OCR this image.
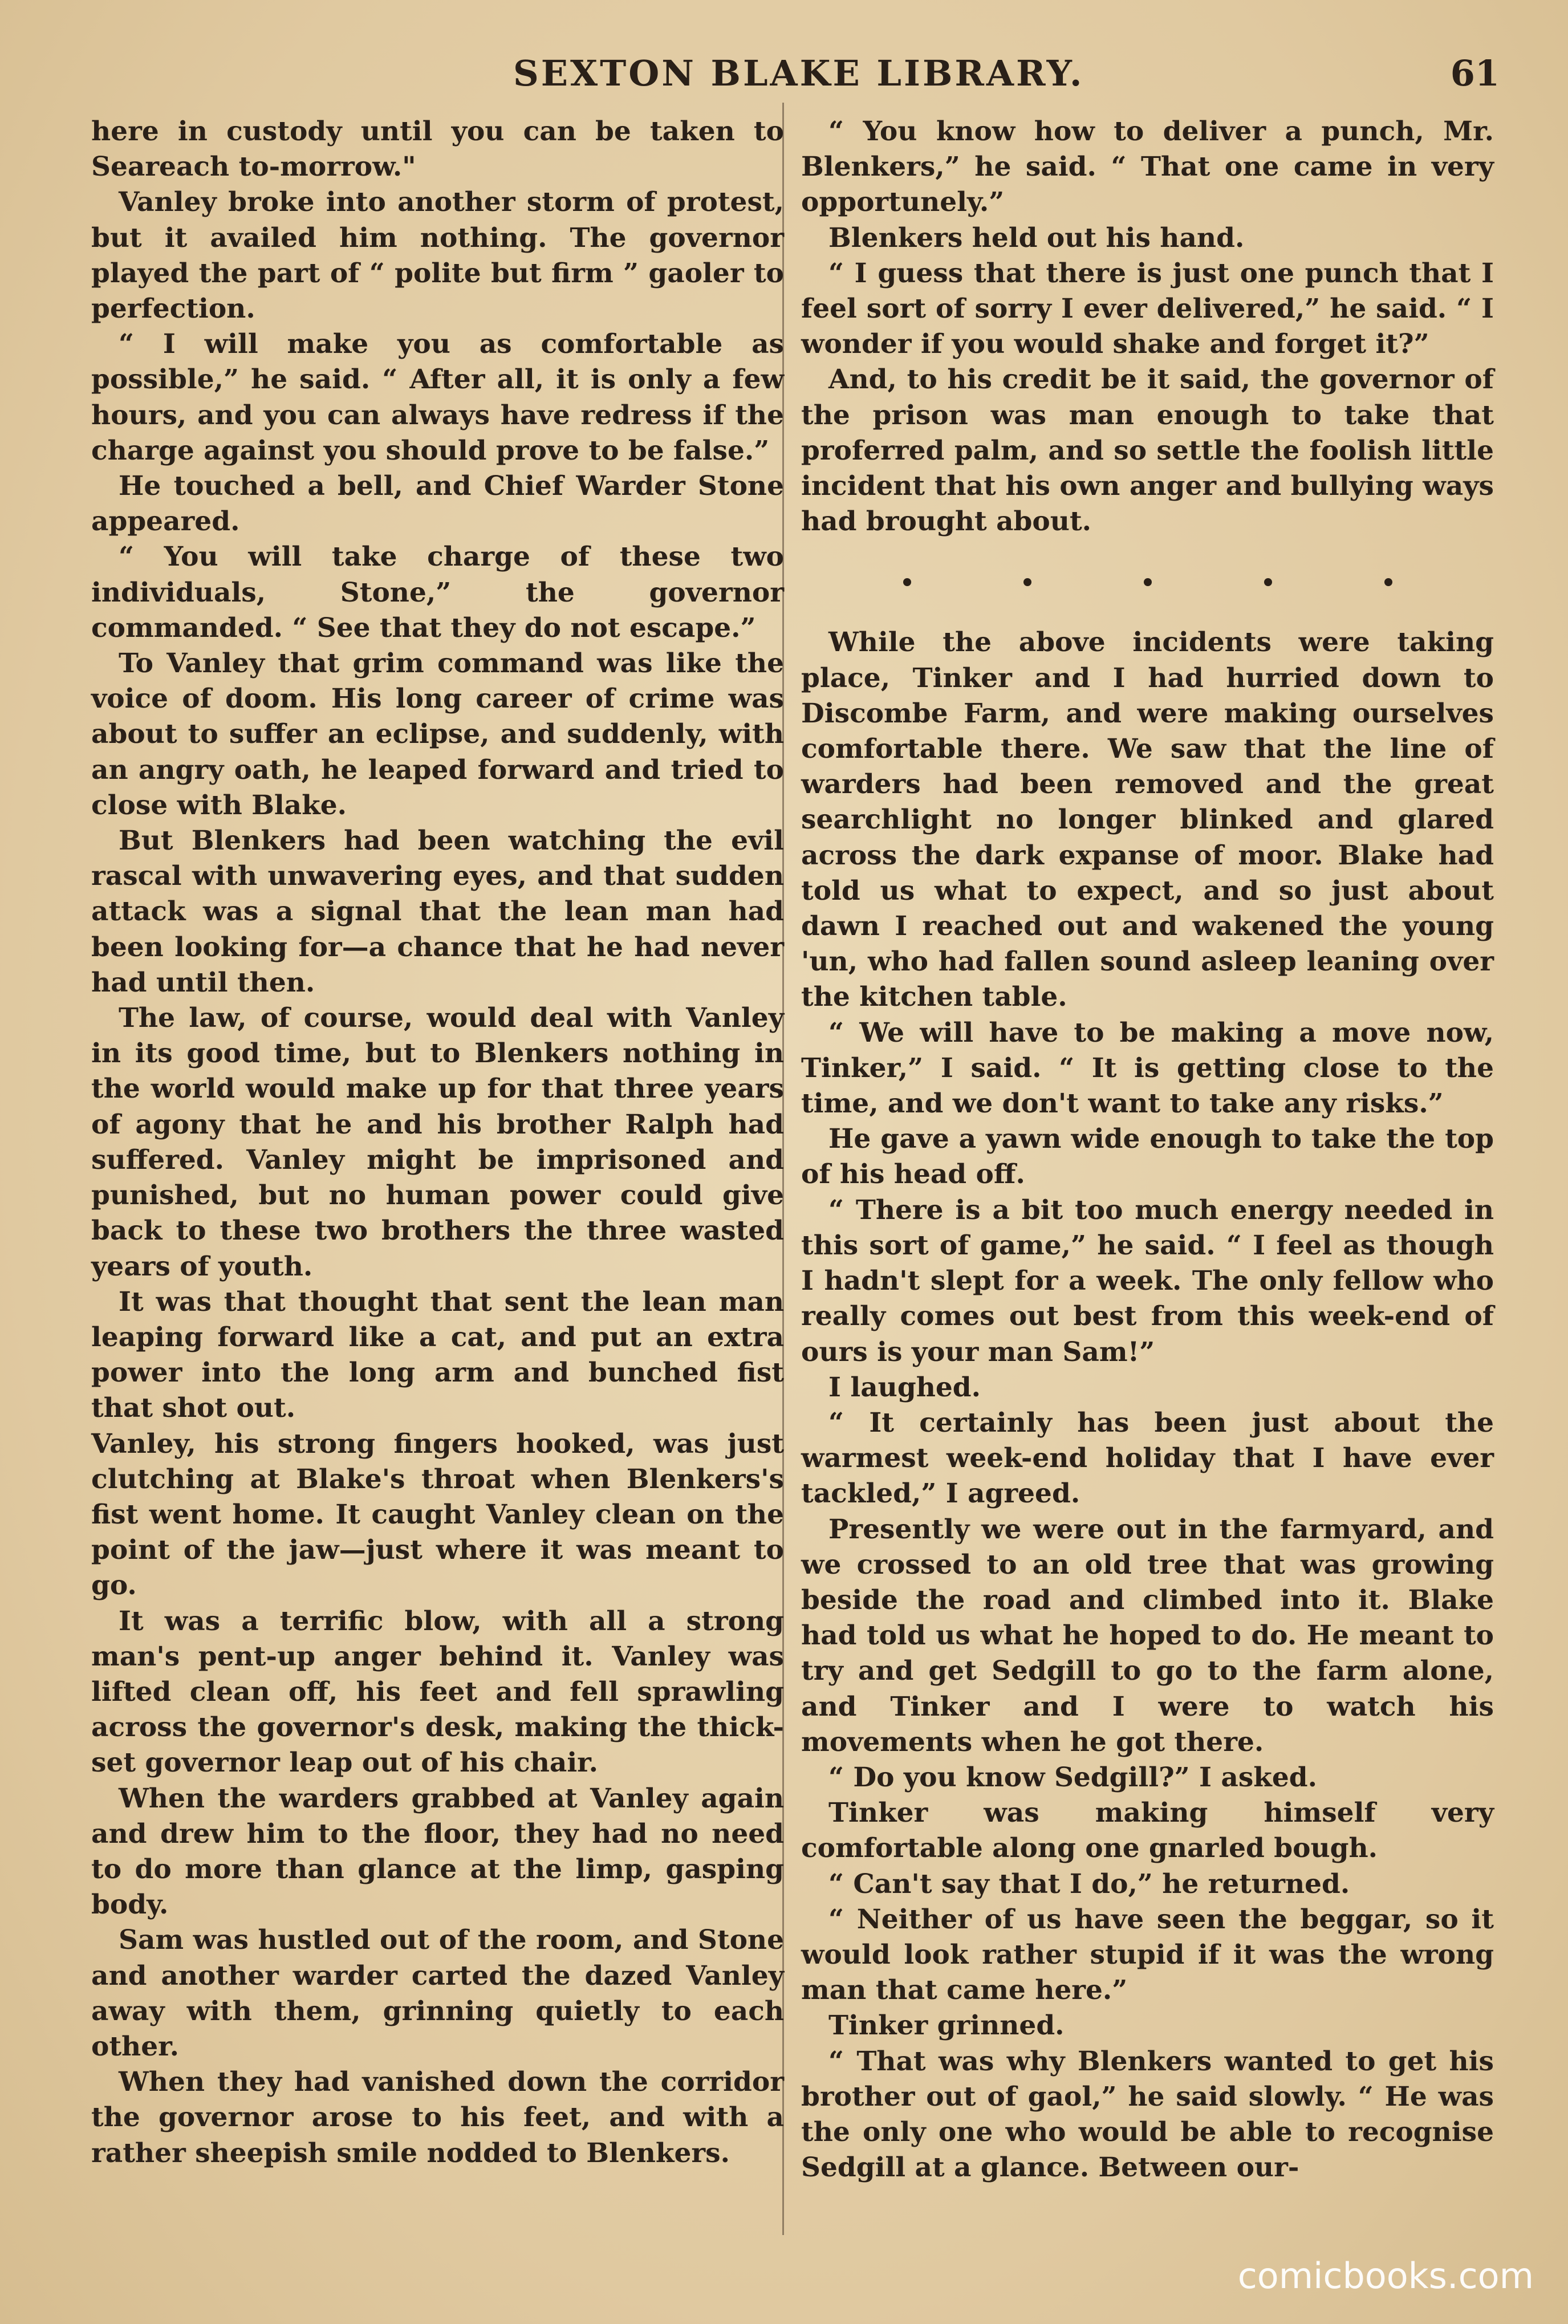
SEXTON BLAKE LIBRARY.	61

here in custody until you can be taken to Seareach to-morrow."

Vanley broke into another storm of protest, but it availed him nothing. The governor played the part of “ polite but firm ” gaoler to perfection.

“ I will make you as comfortable as possible,” he said. “ After all, it is only a few hours, and you can always have redress if the charge against you should prove to be false.”

He touched a bell, and Chief Warder Stone appeared.

“ You will take charge of these two individuals, Stone,” the governor commanded. “ See that they do not escape.”

To Vanley that grim command was like the voice of doom. His long career of crime was about to suffer an eclipse, and suddenly, with an angry oath, he leaped forward and tried to close with Blake.

But Blenkers had been watching the evil rascal with unwavering eyes, and that sudden attack was a signal that the lean man had been looking for—a chance that he had never had until then.

The law, of course, would deal with Vanley in its good time, but to Blenkers nothing in the world would make up for that three years of agony that he and his brother Ralph had suffered. Vanley might be imprisoned and punished, but no human power could give back to these two brothers the three wasted years of youth.

It was that thought that sent the lean man leaping forward like a cat, and put an extra power into the long arm and bunched fist that shot out.

Vanley, his strong fingers hooked, was just clutching at Blake's throat when Blenkers's fist went home. It caught Vanley clean on the point of the jaw—just where it was meant to go.

It was a terrific blow, with all a strong man's pent-up anger behind it. Vanley was lifted clean off, his feet and fell sprawling across the governor's desk, making the thick-set governor leap out of his chair.

When the warders grabbed at Vanley again and drew him to the floor, they had no need to do more than glance at the limp, gasping body.

Sam was hustled out of the room, and Stone and another warder carted the dazed Vanley away with them, grinning quietly to each other.

When they had vanished down the corridor the governor arose to his feet, and with a rather sheepish smile nodded to Blenkers.

“ You know how to deliver a punch, Mr. Blenkers,” he said. “ That one came in very opportunely.”

Blenkers held out his hand.

“ I guess that there is just one punch that I feel sort of sorry I ever delivered,” he said. “ I wonder if you would shake and forget it?”

And, to his credit be it said, the governor of the prison was man enough to take that proferred palm, and so settle the foolish little incident that his own anger and bullying ways had brought about.

While the above incidents were taking place, Tinker and I had hurried down to Discombe Farm, and were making ourselves comfortable there. We saw that the line of warders had been removed and the great searchlight no longer blinked and glared across the dark expanse of moor. Blake had told us what to expect, and so just about dawn I reached out and wakened the young 'un, who had fallen sound asleep leaning over the kitchen table.

“ We will have to be making a move now, Tinker,” I said. “ It is getting close to the time, and we don't want to take any risks.”

He gave a yawn wide enough to take the top of his head off.

“ There is a bit too much energy needed in this sort of game,” he said. “ I feel as though I hadn't slept for a week. The only fellow who really comes out best from this week-end of ours is your man Sam!”

I laughed.

“ It certainly has been just about the warmest week-end holiday that I have ever tackled,” I agreed.

Presently we were out in the farmyard, and we crossed to an old tree that was growing beside the road and climbed into it. Blake had told us what he hoped to do. He meant to try and get Sedgill to go to the farm alone, and Tinker and I were to watch his movements when he got there.

“ Do you know Sedgill?” I asked.

Tinker was making himself very comfortable along one gnarled bough.

“ Can't say that I do,” he returned.

“ Neither of us have seen the beggar, so it would look rather stupid if it was the wrong man that came here.”

Tinker grinned.

“ That was why Blenkers wanted to get his brother out of gaol,” he said slowly. “ He was the only one who would be able to recognise Sedgill at a glance. Between our-

comicbooks.com
